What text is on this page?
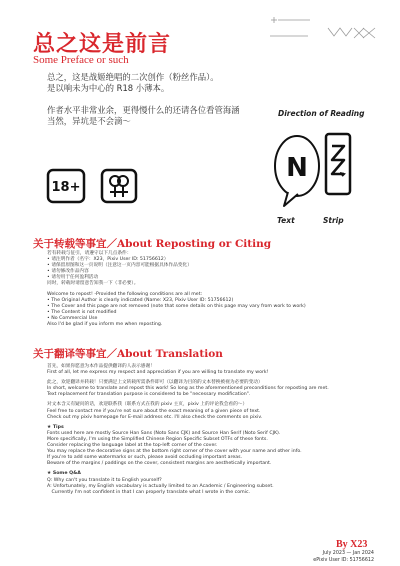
总之这是前言
Some Preface or such
总之，这是战姬绝唱的二次创作（粉丝作品）。
是以响未为中心的 R18 小薄本。
作者水平非常业余，更得慢什么的还请各位看管海涵
当然，异坑是不会滴～
18+
Direction of Reading
N
Text	Strip
关于转载等事宜／About Reposting or Citing
若有转载与征引，请遵守以下几点条件：
• 请注明作者（名字：X23，Pixiv User ID: 51756612）
• 请保留原图和这一页说明（注意这一页内容可能根据具体作品变化）
• 请勿修改作品内容
• 请勿用于任何盈利活动
同时，转载时请留意告知我一下（非必要）。
Welcome to repost! -Provided the following conditions are all met:
• The Original Author is clearly indicated (Name: X23, Pixiv User ID: 51756612)
• The Cover and this page are not removed (note that some details on this page may vary from work to work)
• The Content is not modified
• No Commercial Use
Also I'd be glad if you inform me when reposting.
关于翻译等事宜／About Translation
首先，如果你愿意为本作品提供翻译的人表示感谢！
First of all, let me express my respect and appreciation if you are willing to translate my work!
此之，欢迎翻译并转载！只要满足上文转载所需条件即可（以翻译为目的的文本替换被视为必要的变动）
In short, welcome to translate and repost this work! So long as the aforementioned preconditions for reposting are met.
Text replacement for translation purpose is considered to be "necessary modification".
对文本含义有疑问的话，欢迎联系我（联系方式在我的 pixiv 主页，pixiv 上的评论我会看的～）
Feel free to contact me if you're not sure about the exact meaning of a given piece of text.
Check out my pixiv homepage for E-mail address etc. I'll also check the comments on pixiv.
★ Tips
Fonts used here are mostly Source Han Sans (Noto Sans CJK) and Source Han Serif (Noto Serif CJK).
More specifically, I'm using the Simplified Chinese Region Specific Subset OTFs of these fonts.
Consider replacing the language label at the top-left corner of the cover.
You may replace the decorative signs at the bottom right corner of the cover with your name and other info.
If you're to add some watermarks or such, please avoid occluding important areas.
Beware of the margins / paddings on the cover, consistent margins are aesthetically important.
★ Some Q&A
Q: Why can't you translate it to English yourself?
A: Unfortunately, my English vocabulary is actually limited to an Academic / Engineering subset.
Currently I'm not confident in that I can properly translate what I wrote in the comic.
By X23
July 2023 — Jan 2024
ePixiv User ID: 51756612
